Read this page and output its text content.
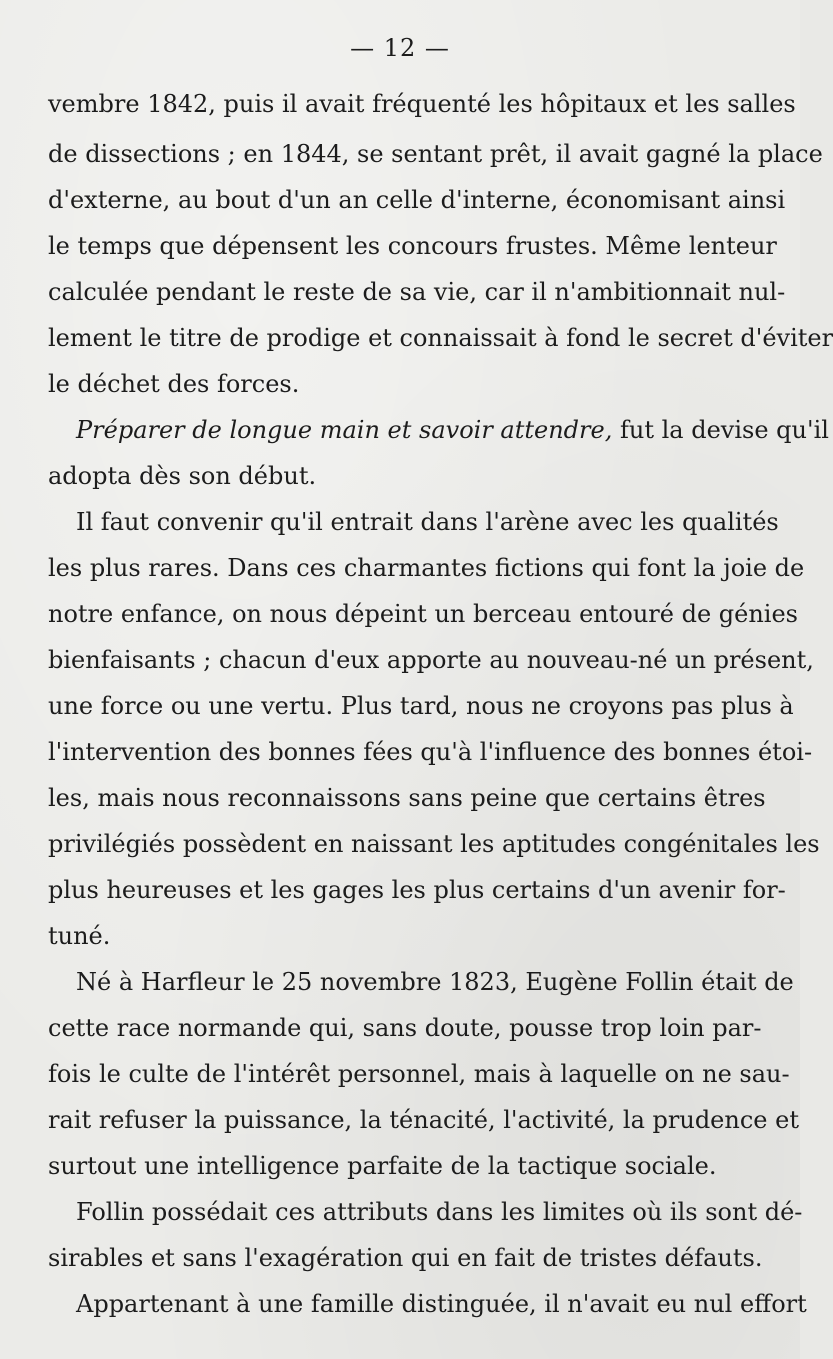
— 12 —
vembre 1842, puis il avait fréquenté les hôpitaux et les salles
de dissections ; en 1844, se sentant prêt, il avait gagné la place
d'externe, au bout d'un an celle d'interne, économisant ainsi
le temps que dépensent les concours frustes. Même lenteur
calculée pendant le reste de sa vie, car il n'ambitionnait nul-
lement le titre de prodige et connaissait à fond le secret d'éviter
le déchet des forces.
Préparer de longue main et savoir attendre, fut la devise qu'il
adopta dès son début.
Il faut convenir qu'il entrait dans l'arène avec les qualités
les plus rares. Dans ces charmantes fictions qui font la joie de
notre enfance, on nous dépeint un berceau entouré de génies
bienfaisants ; chacun d'eux apporte au nouveau-né un présent,
une force ou une vertu. Plus tard, nous ne croyons pas plus à
l'intervention des bonnes fées qu'à l'influence des bonnes étoi-
les, mais nous reconnaissons sans peine que certains êtres
privilégiés possèdent en naissant les aptitudes congénitales les
plus heureuses et les gages les plus certains d'un avenir for-
tuné.
Né à Harfleur le 25 novembre 1823, Eugène Follin était de
cette race normande qui, sans doute, pousse trop loin par-
fois le culte de l'intérêt personnel, mais à laquelle on ne sau-
rait refuser la puissance, la ténacité, l'activité, la prudence et
surtout une intelligence parfaite de la tactique sociale.
Follin possédait ces attributs dans les limites où ils sont dé-
sirables et sans l'exagération qui en fait de tristes défauts.
Appartenant à une famille distinguée, il n'avait eu nul effort
